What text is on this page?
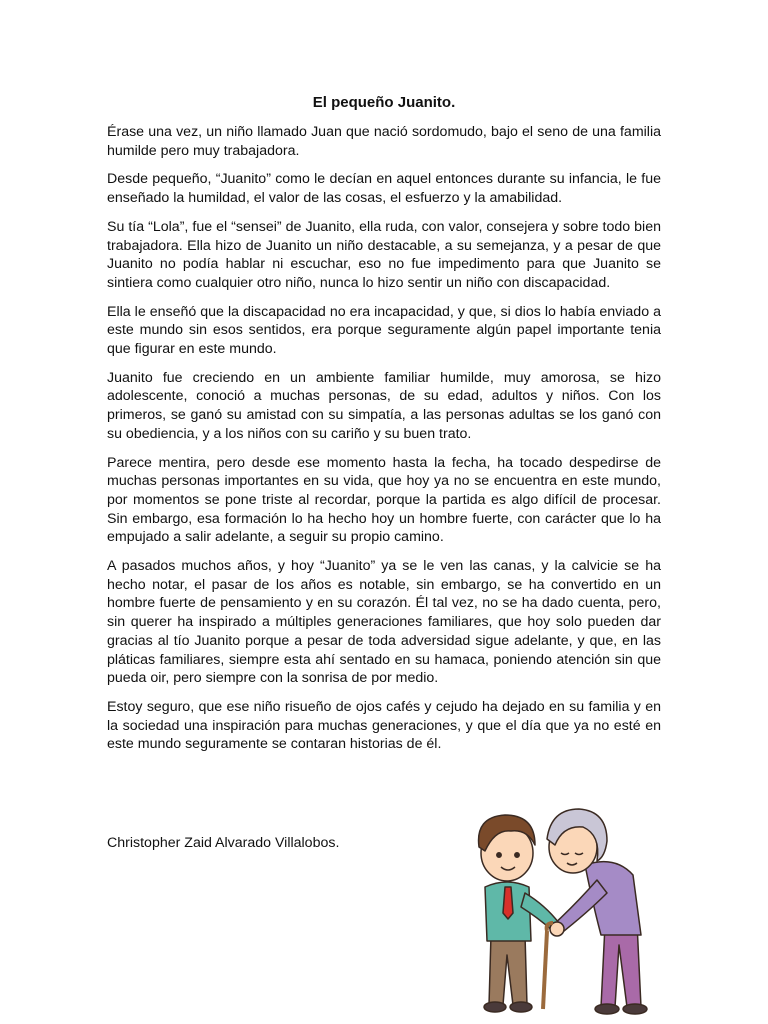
El pequeño Juanito.

Érase una vez, un niño llamado Juan que nació sordomudo, bajo el seno de una familia humilde pero muy trabajadora.

Desde pequeño, “Juanito” como le decían en aquel entonces durante su infancia, le fue enseñado la humildad, el valor de las cosas, el esfuerzo y la amabilidad.

Su tía “Lola”, fue el “sensei” de Juanito, ella ruda, con valor, consejera y sobre todo bien trabajadora. Ella hizo de Juanito un niño destacable, a su semejanza, y a pesar de que Juanito no podía hablar ni escuchar, eso no fue impedimento para que Juanito se sintiera como cualquier otro niño, nunca lo hizo sentir un niño con discapacidad.

Ella le enseñó que la discapacidad no era incapacidad, y que, si dios lo había enviado a este mundo sin esos sentidos, era porque seguramente algún papel importante tenia que figurar en este mundo.

Juanito fue creciendo en un ambiente familiar humilde, muy amorosa, se hizo adolescente, conoció a muchas personas, de su edad, adultos y niños. Con los primeros, se ganó su amistad con su simpatía, a las personas adultas se los ganó con su obediencia, y a los niños con su cariño y su buen trato.

Parece mentira, pero desde ese momento hasta la fecha, ha tocado despedirse de muchas personas importantes en su vida, que hoy ya no se encuentra en este mundo, por momentos se pone triste al recordar, porque la partida es algo difícil de procesar. Sin embargo, esa formación lo ha hecho hoy un hombre fuerte, con carácter que lo ha empujado a salir adelante, a seguir su propio camino.

A pasados muchos años, y hoy “Juanito” ya se le ven las canas, y la calvicie se ha hecho notar, el pasar de los años es notable, sin embargo, se ha convertido en un hombre fuerte de pensamiento y en su corazón. Él tal vez, no se ha dado cuenta, pero, sin querer ha inspirado a múltiples generaciones familiares, que hoy solo pueden dar gracias al tío Juanito porque a pesar de toda adversidad sigue adelante, y que, en las pláticas familiares, siempre esta ahí sentado en su hamaca, poniendo atención sin que pueda oir, pero siempre con la sonrisa de por medio.

Estoy seguro, que ese niño risueño de ojos cafés y cejudo ha dejado en su familia y en la sociedad una inspiración para muchas generaciones, y que el día que ya no esté en este mundo seguramente se contaran historias de él.

Christopher Zaid Alvarado Villalobos.
